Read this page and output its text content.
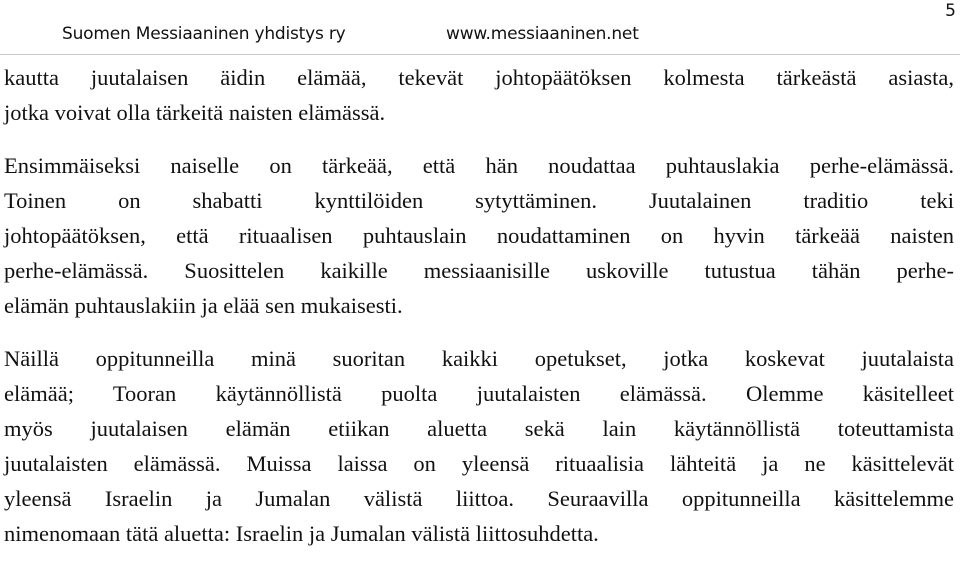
Suomen Messiaaninen yhdistys ry	www.messiaaninen.net
5

kautta juutalaisen äidin elämää, tekevät johtopäätöksen kolmesta tärkeästä asiasta,
jotka voivat olla tärkeitä naisten elämässä.

Ensimmäiseksi naiselle on tärkeää, että hän noudattaa puhtauslakia perhe-elämässä.
Toinen on shabatti kynttilöiden sytyttäminen. Juutalainen traditio teki
johtopäätöksen, että rituaalisen puhtauslain noudattaminen on hyvin tärkeää naisten
perhe-elämässä. Suosittelen kaikille messiaanisille uskoville tutustua tähän perhe-
elämän puhtauslakiin ja elää sen mukaisesti.

Näillä oppitunneilla minä suoritan kaikki opetukset, jotka koskevat juutalaista
elämää; Tooran käytännöllistä puolta juutalaisten elämässä. Olemme käsitelleet
myös juutalaisen elämän etiikan aluetta sekä lain käytännöllistä toteuttamista
juutalaisten elämässä. Muissa laissa on yleensä rituaalisia lähteitä ja ne käsittelevät
yleensä Israelin ja Jumalan välistä liittoa. Seuraavilla oppitunneilla käsittelemme
nimenomaan tätä aluetta: Israelin ja Jumalan välistä liittosuhdetta.
